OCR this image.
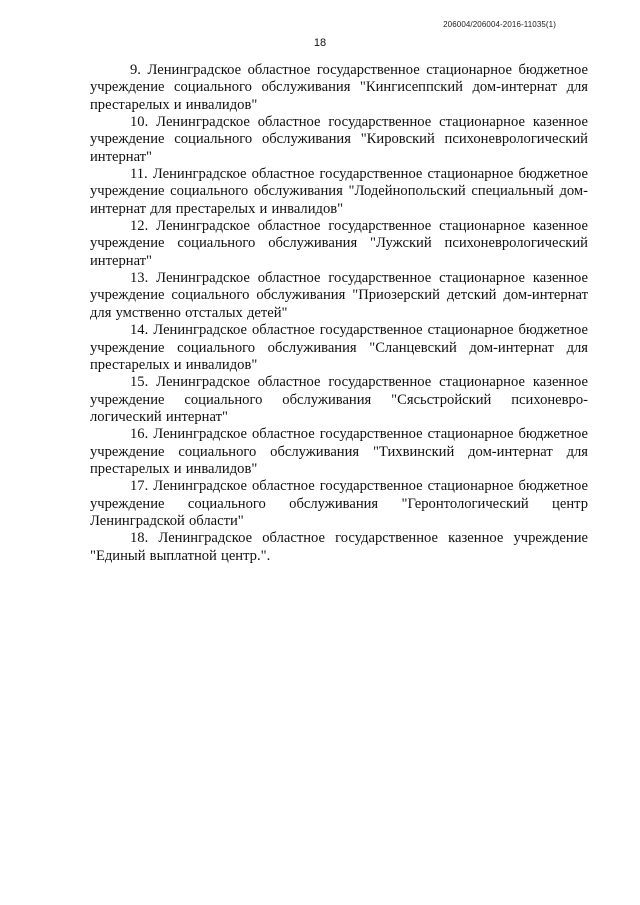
206004/206004-2016-11035(1)
18

9. Ленинградское областное государственное стационарное бюджетное учреждение социального обслуживания "Кингисеппский дом-интернат для престарелых и инвалидов"

10. Ленинградское областное государственное стационарное казенное учреждение социального обслуживания "Кировский психоневрологический интернат"

11. Ленинградское областное государственное стационарное бюджетное учреждение социального обслуживания "Лодейнопольский специальный дом-интернат для престарелых и инвалидов"

12. Ленинградское областное государственное стационарное казенное учреждение социального обслуживания "Лужский психоневрологический интернат"

13. Ленинградское областное государственное стационарное казенное учреждение социального обслуживания "Приозерский детский дом-интернат для умственно отсталых детей"

14. Ленинградское областное государственное стационарное бюджетное учреждение социального обслуживания "Сланцевский дом-интернат для престарелых и инвалидов"

15. Ленинградское областное государственное стационарное казенное учреждение социального обслуживания "Сясьстройский психоневро-логический интернат"

16. Ленинградское областное государственное стационарное бюджетное учреждение социального обслуживания "Тихвинский дом-интернат для престарелых и инвалидов"

17. Ленинградское областное государственное стационарное бюджетное учреждение социального обслуживания "Геронтологический центр Ленинградской области"

18. Ленинградское областное государственное казенное учреждение "Единый выплатной центр.".
